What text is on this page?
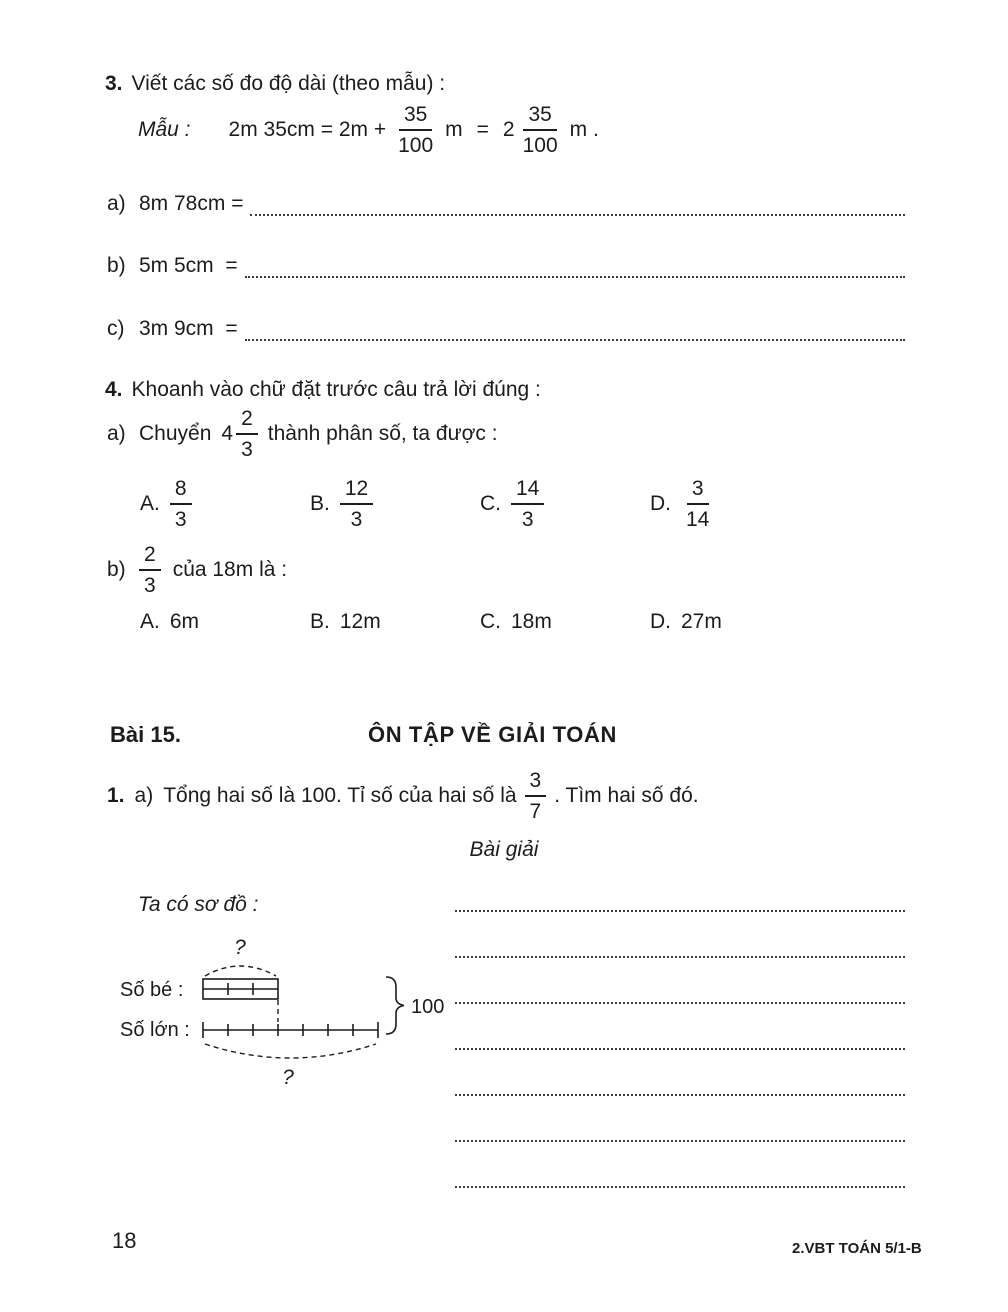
3. Viết các số đo độ dài (theo mẫu) :
Mẫu : 2m $35cm = 2m + \frac{35}{100}$ $m = 2 \frac{35}{100}$ m .
a) 8m 78cm =
b) 5m 5cm  =
c) 3m 9cm  =
4. Khoanh vào chữ đặt trước câu trả lời đúng :
a) Chuyển $4 \frac{2}{3}$ thành phân số, ta được :
A. $\frac{8}{3}$	B. $\frac{12}{3}$	C. $\frac{14}{3}$	D. $\frac{3}{14}$
$b) \frac{2}{3}$ của 18m là :
A. 6m	B. 12m	C. 18m	D. 27m
Bài 15.	ÔN TẬP VỀ GIẢI TOÁN
1. a) Tổng hai số là 100. Tỉ số của hai số là $\frac{3}{7}$ . Tìm hai số đó.
Bài giải
Ta có sơ đồ :
?
Số bé :
Số lớn :
100
?
18	2.VBT TOÁN 5/1-B
